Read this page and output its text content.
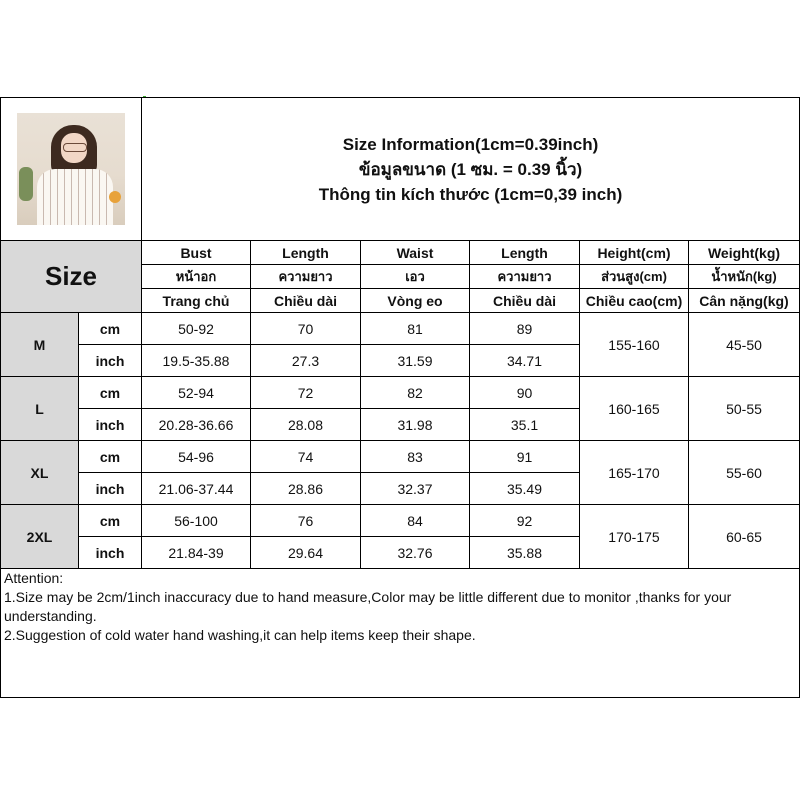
		Size Information(1cm=0.39inch)
ข้อมูลขนาด (1 ซม. = 0.39 นิ้ว)
Thông tin kích thước (1cm=0,39 inch)					

Size		Bust	Length	Waist	Length	Height(cm)	Weight(kg)
		หน้าอก	ความยาว	เอว	ความยาว	ส่วนสูง(cm)	น้ำหนัก(kg)
		Trang chủ	Chiều dài	Vòng eo	Chiều dài	Chiều cao(cm)	Cân nặng(kg)
M	cm	50-92	70	81	89	155-160	45-50
	inch	19.5-35.88	27.3	31.59	34.71		
L	cm	52-94	72	82	90	160-165	50-55
	inch	20.28-36.66	28.08	31.98	35.1		
XL	cm	54-96	74	83	91	165-170	55-60
	inch	21.06-37.44	28.86	32.37	35.49		
2XL	cm	56-100	76	84	92	170-175	60-65
	inch	21.84-39	29.64	32.76	35.88		

Attention:
1.Size may be 2cm/1inch inaccuracy due to hand measure,Color may be little different due to monitor ,thanks for your understanding.
2.Suggestion of cold water hand washing,it can help items keep their shape.							
